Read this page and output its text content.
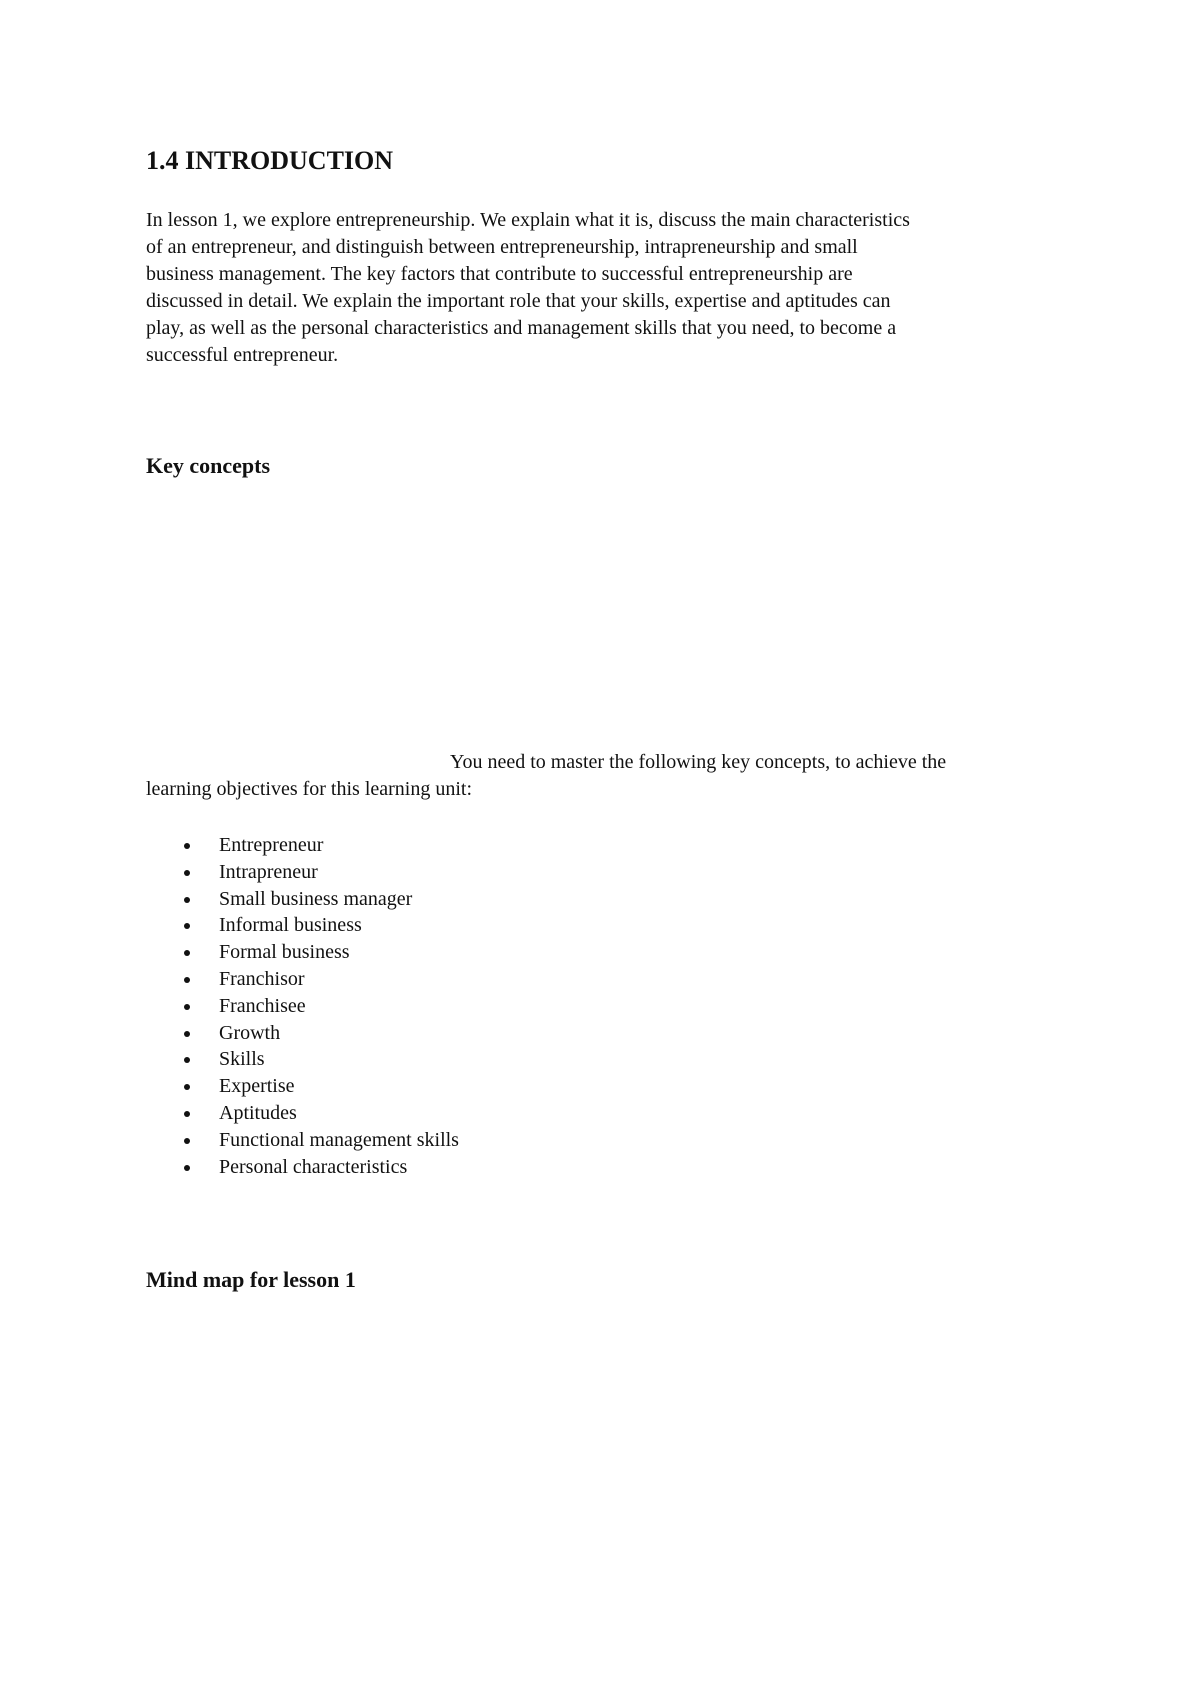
1.4 INTRODUCTION
In lesson 1, we explore entrepreneurship. We explain what it is, discuss the main characteristics
of an entrepreneur, and distinguish between entrepreneurship, intrapreneurship and small
business management. The key factors that contribute to successful entrepreneurship are
discussed in detail. We explain the important role that your skills, expertise and aptitudes can
play, as well as the personal characteristics and management skills that you need, to become a
successful entrepreneur.
Key concepts
You need to master the following key concepts, to achieve the
learning objectives for this learning unit:
Entrepreneur
Intrapreneur
Small business manager
Informal business
Formal business
Franchisor
Franchisee
Growth
Skills
Expertise
Aptitudes
Functional management skills
Personal characteristics
Mind map for lesson 1
